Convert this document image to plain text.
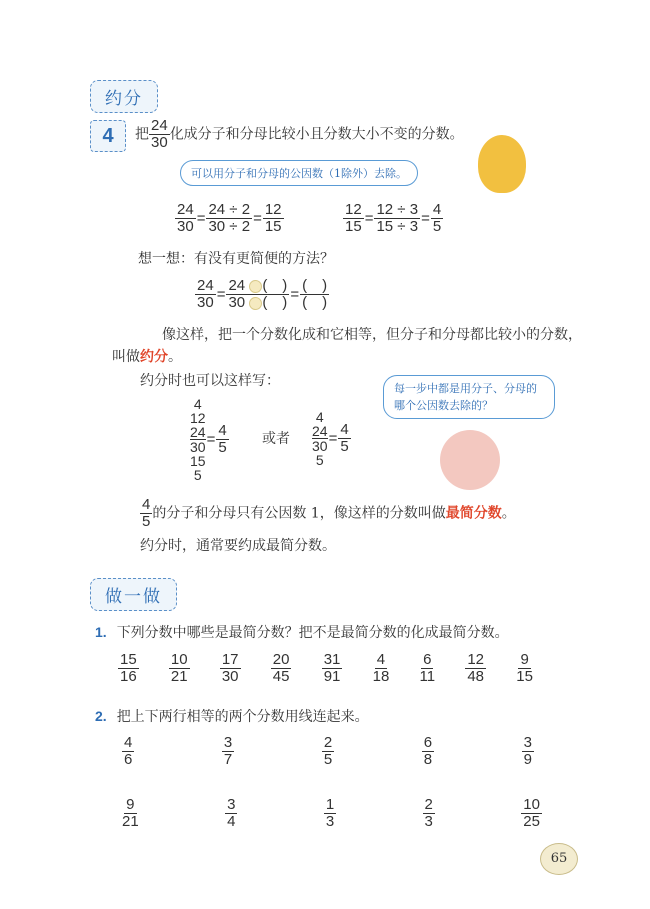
约分
4	把 $\frac{24}{30}$ 化成分子和分母比较小且分数大小不变的分数。
可以用分子和分母的公因数（1除外）去除。
$\frac{24}{30} = \frac{24 \div 2}{30 \div 2} = \frac{12}{15}$	$\frac{12}{15} = \frac{12 \div 3}{15 \div 3} = \frac{4}{5}$
想一想：有没有更简便的方法？
$\frac{24}{30} = \frac{24 ( )}{30 ( )} = \frac{( )}{( )}$
像这样，把一个分数化成和它相等，但分子和分母都比较小的分数，
叫做约分。
约分时也可以这样写：
4
12
24
30
15
5
= $\frac{4}{5}$ 或者
4
24
30
5
= $\frac{4}{5}$
每一步中都是用分子、分母的哪个公因数去除的？
$\frac{4}{5}$ 的分子和分母只有公因数 1，像这样的分数叫做最简分数。
约分时，通常要约成最简分数。
做一做
1. 下列分数中哪些是最简分数？把不是最简分数的化成最简分数。
$\frac{15}{16} \frac{10}{21} \frac{17}{30} \frac{20}{45} \frac{31}{91} \frac{4}{18} \frac{6}{11} \frac{12}{48} \frac{9}{15}$
2. 把上下两行相等的两个分数用线连起来。
$\frac{4}{6}$	$\frac{3}{7}$	$\frac{2}{5}$	$\frac{6}{8}$	$\frac{3}{9}$
$\frac{9}{21}$	$\frac{3}{4}$	$\frac{1}{3}$	$\frac{2}{3}$	$\frac{10}{25}$
65
